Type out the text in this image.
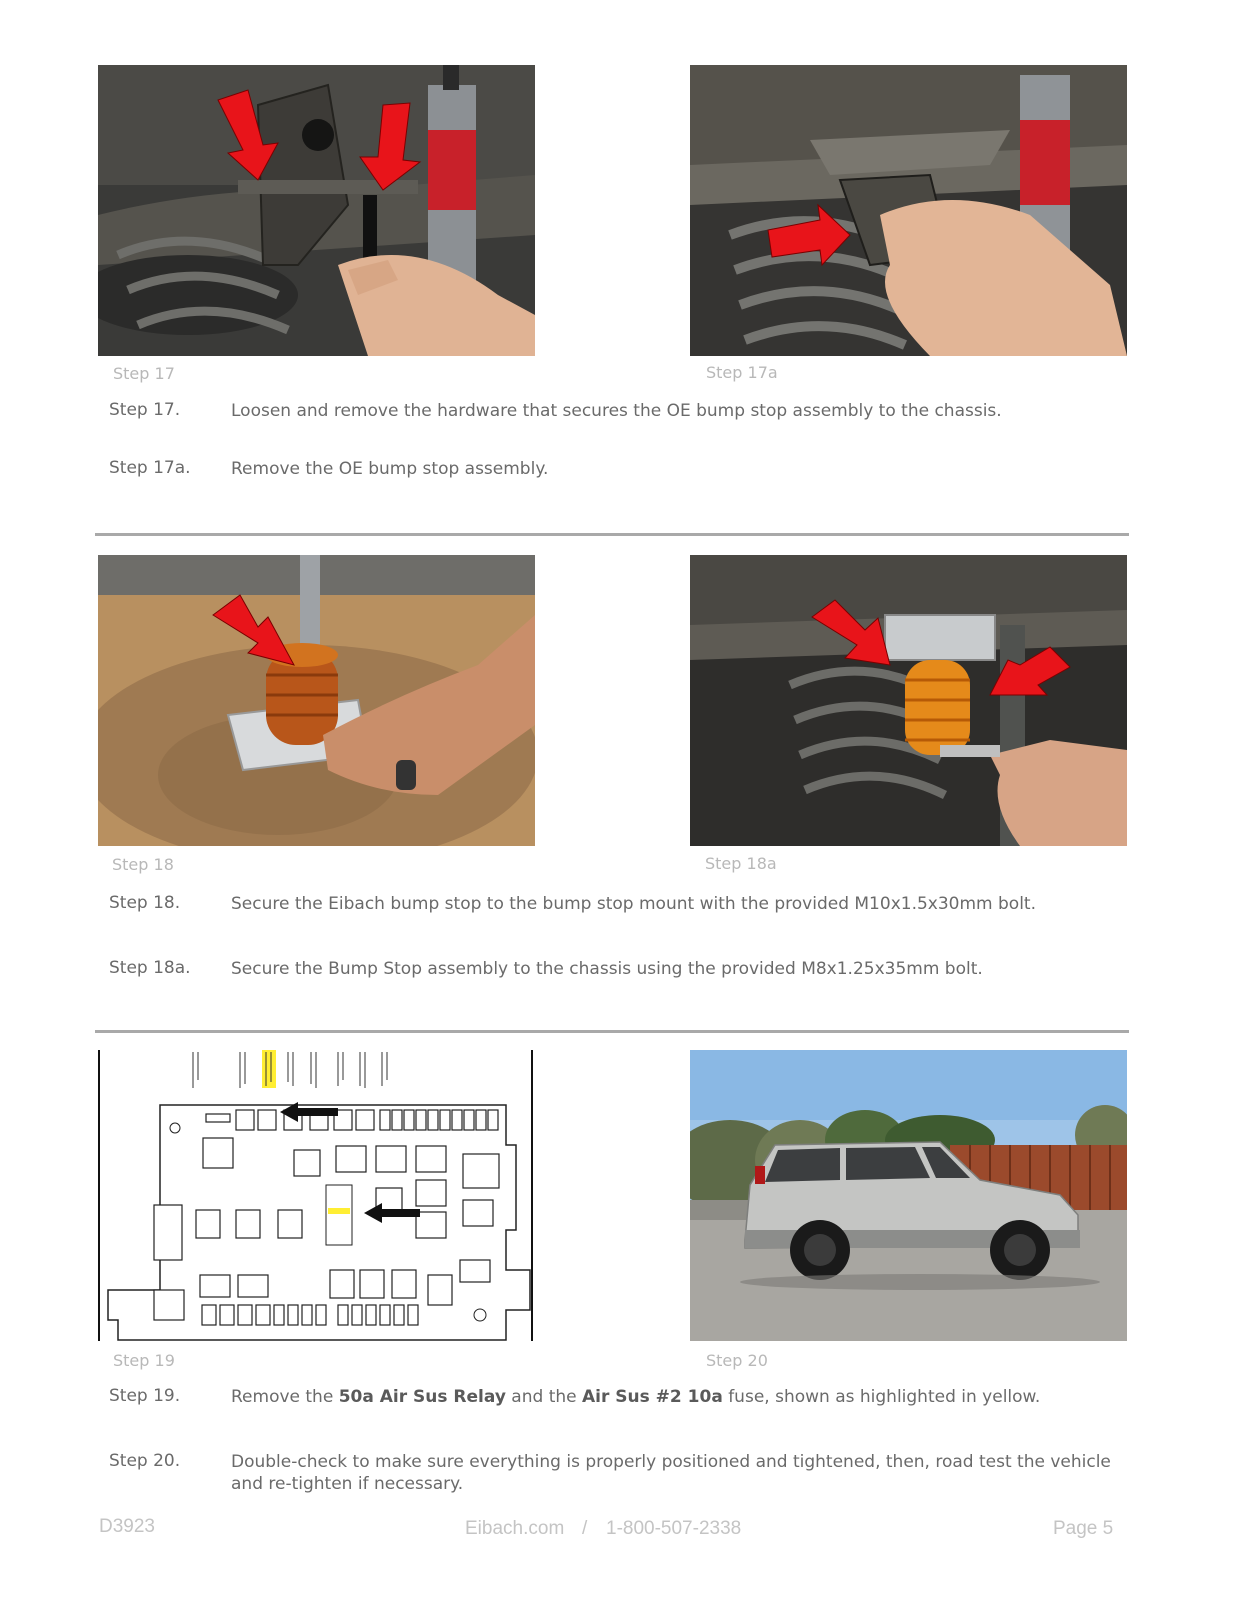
Step 17	Step 17a
Step 17.	Loosen and remove the hardware that secures the OE bump stop assembly to the chassis.
Step 17a. Remove the OE bump stop assembly.
Step 18	Step 18a
Step 18.	Secure the Eibach bump stop to the bump stop mount with the provided M10x1.5x30mm bolt.
Step 18a. Secure the Bump Stop assembly to the chassis using the provided M8x1.25x35mm bolt.
Step 19	Step 20
Step 19.	Remove the 50a Air Sus Relay and the Air Sus #2 10a fuse, shown as highlighted in yellow.
Step 20.	Double-check to make sure everything is properly positioned and tightened, then, road test the vehicle and re-tighten if necessary.
D3923	Eibach.com / 1-800-507-2338	Page 5
